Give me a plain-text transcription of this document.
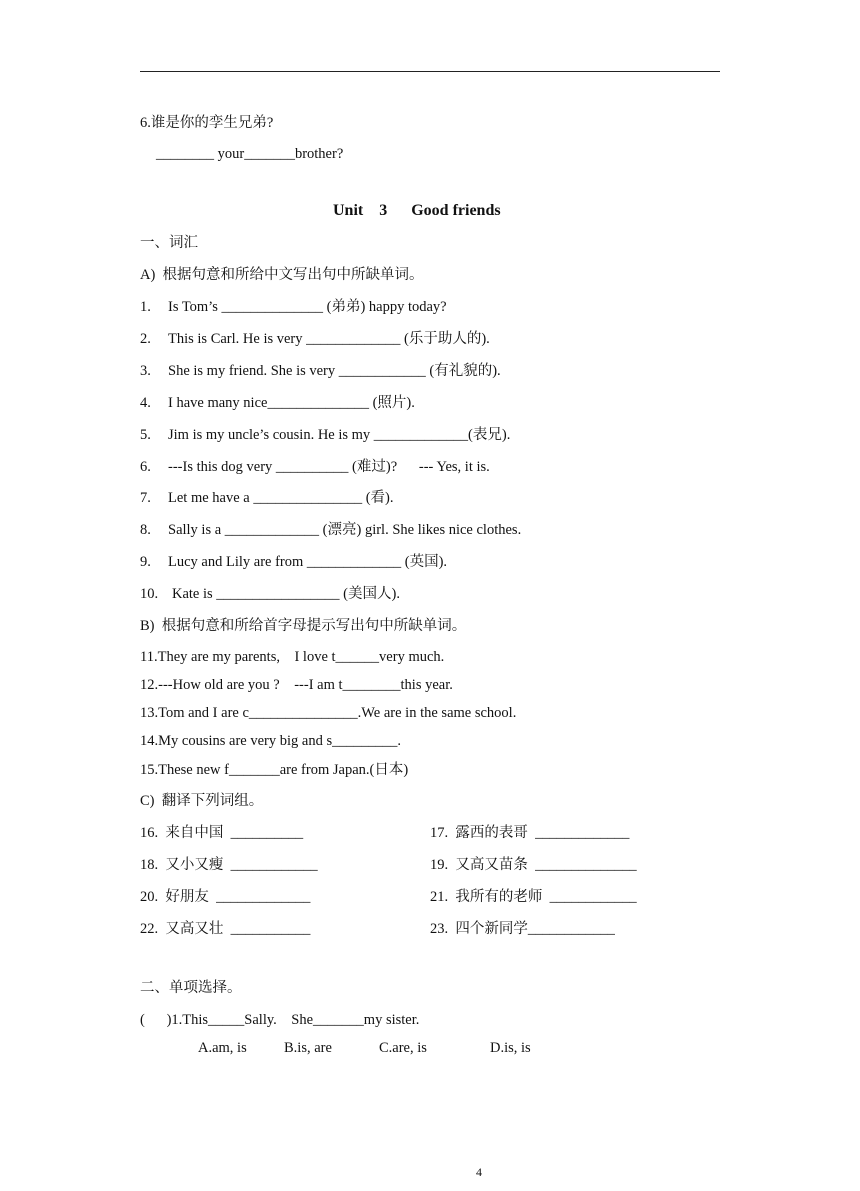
6.谁是你的孪生兄弟?
________ your_______brother?
Unit    3      Good friends
一、词汇
A)  根据句意和所给中文写出句中所缺单词。
1. Is Tom’s ______________ (弟弟) happy today?
2. This is Carl. He is very _____________ (乐于助人的).
3. She is my friend. She is very ____________ (有礼貌的).
4. I have many nice______________ (照片).
5. Jim is my uncle’s cousin. He is my _____________(表兄).
6. ---Is this dog very __________ (难过)?      --- Yes, it is.
7. Let me have a _______________ (看).
8. Sally is a _____________ (漂亮) girl. She likes nice clothes.
9. Lucy and Lily are from _____________ (英国).
10. Kate is _________________ (美国人).
B)  根据句意和所给首字母提示写出句中所缺单词。
11.They are my parents,    I love t______very much.
12.---How old are you ?    ---I am t________this year.
13.Tom and I are c_______________.We are in the same school.
14.My cousins are very big and s_________.
15.These new f_______are from Japan.(日本)
C)  翻译下列词组。
16.  来自中国  __________	17.  露西的表哥  _____________
18.  又小又瘦  ____________	19.  又高又苗条  ______________
20.  好朋友  _____________	21.  我所有的老师  ____________
22.  又高又壮  ___________	23.  四个新同学____________
二、单项选择。
(      )1.This_____Sally.    She_______my sister.
A.am, is	B.is, are	C.are, is	D.is, is
4
